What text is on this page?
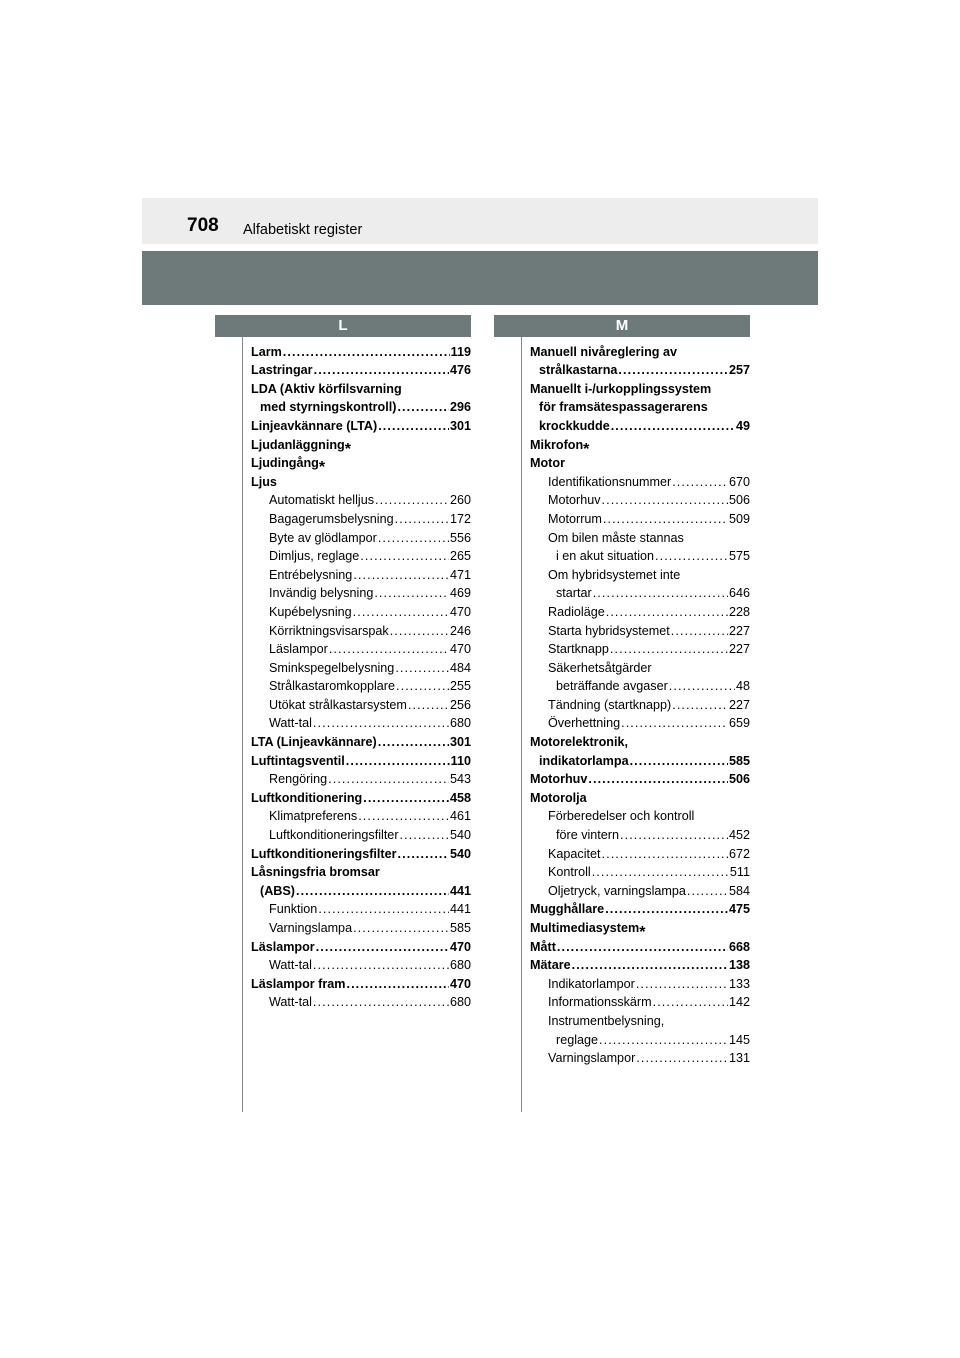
708 Alfabetiskt register
L	M
Larm . . .	119
Lastringar . . .	476
LDA (Aktiv körfilsvarning
med styrningskontroll) . . .	296
Linjeavkännare (LTA) . . .	301
Ljudanläggning*
Ljudingång*
Ljus
Automatiskt helljus . . .	260
Bagagerumsbelysning . . .	172
Byte av glödlampor . . .	556
Dimljus, reglage . . .	265
Entrébelysning . . .	471
Invändig belysning . . .	469
Kupébelysning . . .	470
Körriktningsvisarspak . . .	246
Läslampor . . .	470
Sminkspegelbelysning . . .	484
Strålkastaromkopplare . . .	255
Utökat strålkastarsystem . . .	256
Watt-tal . . .	680
LTA (Linjeavkännare) . . .	301
Luftintagsventil . . .	110
Rengöring . . .	543
Luftkonditionering . . .	458
Klimatpreferens . . .	461
Luftkonditioneringsfilter . . .	540
Luftkonditioneringsfilter . . .	540
Låsningsfria bromsar
(ABS) . . .	441
Funktion . . .	441
Varningslampa . . .	585
Läslampor . . .	470
Watt-tal . . .	680
Läslampor fram . . .	470
Watt-tal . . .	680
Manuell nivåreglering av
strålkastarna . . .	257
Manuellt i-/urkopplingssystem
för framsätespassagerarens
krockkudde . . .	49
Mikrofon*
Motor
Identifikationsnummer . . .	670
Motorhuv . . .	506
Motorrum . . .	509
Om bilen måste stannas
i en akut situation . . .	575
Om hybridsystemet inte
startar . . .	646
Radioläge . . .	228
Starta hybridsystemet . . .	227
Startknapp . . .	227
Säkerhetsåtgärder
beträffande avgaser . . .	48
Tändning (startknapp) . . .	227
Överhettning . . .	659
Motorelektronik,
indikatorlampa . . .	585
Motorhuv . . .	506
Motorolja
Förberedelser och kontroll
före vintern . . .	452
Kapacitet . . .	672
Kontroll . . .	511
Oljetryck, varningslampa . . .	584
Mugghållare . . .	475
Multimediasystem*
Mått . . .	668
Mätare . . .	138
Indikatorlampor . . .	133
Informationsskärm . . .	142
Instrumentbelysning,
reglage . . .	145
Varningslampor . . .	131
